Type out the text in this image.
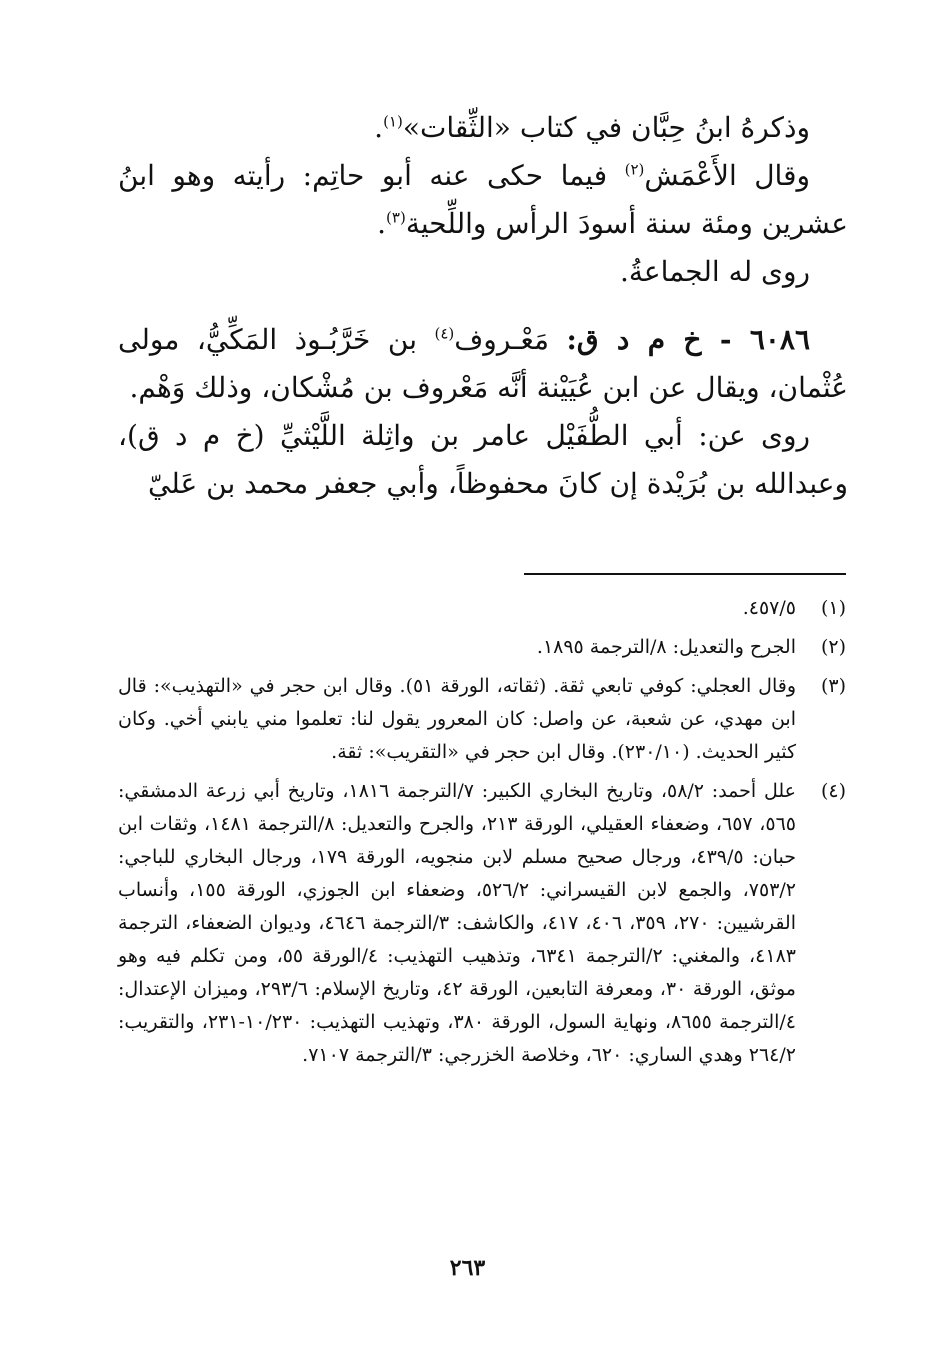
وذكرهُ ابنُ حِبَّان في كتاب «الثِّقات»$^{(١)}$.

وقال الأَعْمَش$^{(٢)}$ فيما حكى عنه أبو حاتِم: رأيته وهو ابنُ عشرين ومئة سنة أسودَ الرأس واللِّحية$^{(٣)}$.

روى له الجماعةُ.

٦٠٨٦ - خ م د ق: مَعْـروف$^{(٤)}$ بن خَرَّبُـوذ المَكِّيُّ، مولى عُثْمان، ويقال عن ابن عُيَيْنة أنَّه مَعْروف بن مُشْكان، وذلك وَهْم.

روى عن: أبي الطُّفَيْل عامر بن واثِلة اللَّيْثيِّ (خ م د ق)، وعبدالله بن بُرَيْدة إن كانَ محفوظاً، وأبي جعفر محمد بن عَليّ

(١)
٤٥٧/٥.
(٢)
الجرح والتعديل: ٨/الترجمة ١٨٩٥.
(٣)
وقال العجلي: كوفي تابعي ثقة. (ثقاته، الورقة ٥١). وقال ابن حجر في «التهذيب»: قال ابن مهدي، عن شعبة، عن واصل: كان المعرور يقول لنا: تعلموا مني يابني أخي. وكان كثير الحديث. (٢٣٠/١٠). وقال ابن حجر في «التقريب»: ثقة.
(٤)
علل أحمد: ٥٨/٢، وتاريخ البخاري الكبير: ٧/الترجمة ١٨١٦، وتاريخ أبي زرعة الدمشقي: ٥٦٥، ٦٥٧، وضعفاء العقيلي، الورقة ٢١٣، والجرح والتعديل: ٨/الترجمة ١٤٨١، وثقات ابن حبان: ٤٣٩/٥، ورجال صحيح مسلم لابن منجويه، الورقة ١٧٩، ورجال البخاري للباجي: ٧٥٣/٢، والجمع لابن القيسراني: ٥٢٦/٢، وضعفاء ابن الجوزي، الورقة ١٥٥، وأنساب القرشيين: ٢٧٠، ٣٥٩، ٤٠٦، ٤١٧، والكاشف: ٣/الترجمة ٤٦٤٦، وديوان الضعفاء، الترجمة ٤١٨٣، والمغني: ٢/الترجمة ٦٣٤١، وتذهيب التهذيب: ٤/الورقة ٥٥، ومن تكلم فيه وهو موثق، الورقة ٣٠، ومعرفة التابعين، الورقة ٤٢، وتاريخ الإسلام: ٢٩٣/٦، وميزان الإعتدال: ٤/الترجمة ٨٦٥٥، ونهاية السول، الورقة ٣٨٠، وتهذيب التهذيب: ١٠/٢٣٠-٢٣١، والتقريب: ٢٦٤/٢ وهدي الساري: ٦٢٠، وخلاصة الخزرجي: ٣/الترجمة ٧١٠٧.
٢٦٣
